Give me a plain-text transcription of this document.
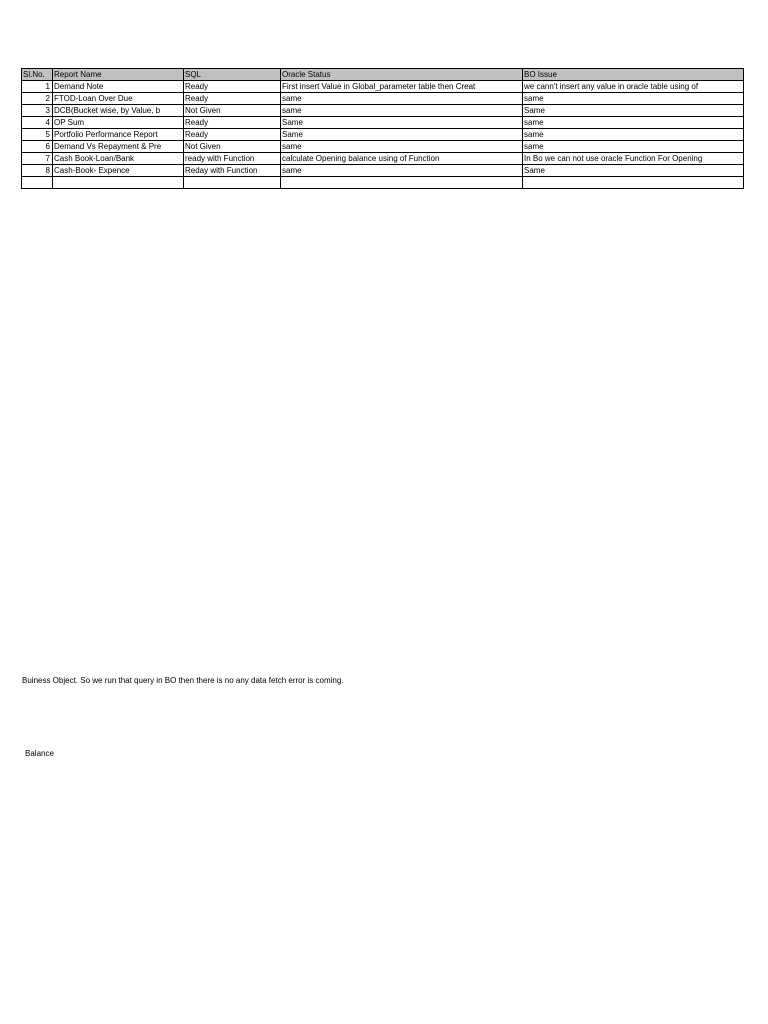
Sl.No.	Report Name	SQL	Oracle Status	BO Issue
1	Demand Note	Ready	First insert Value in Global_parameter table then Creat	we cann't insert any value in oracle table using of
2	FTOD-Loan Over Due	Ready	same	same
3	DCB(Bucket wise, by Value, b	Not Given	same	Same
4	OP Sum	Ready	Same	same
5	Portfolio Performance Report	Ready	Same	same
6	Demand Vs Repayment & Pre	Not Given	same	same
7	Cash Book-Loan/Bank	ready with Function	calculate Opening balance using of Function	In Bo we can not use oracle Function For Opening
8	Cash-Book- Expence	Reday with Function	same	Same

Buiness Object. So we run that query in BO then there is no any data fetch error is coming.
Balance
